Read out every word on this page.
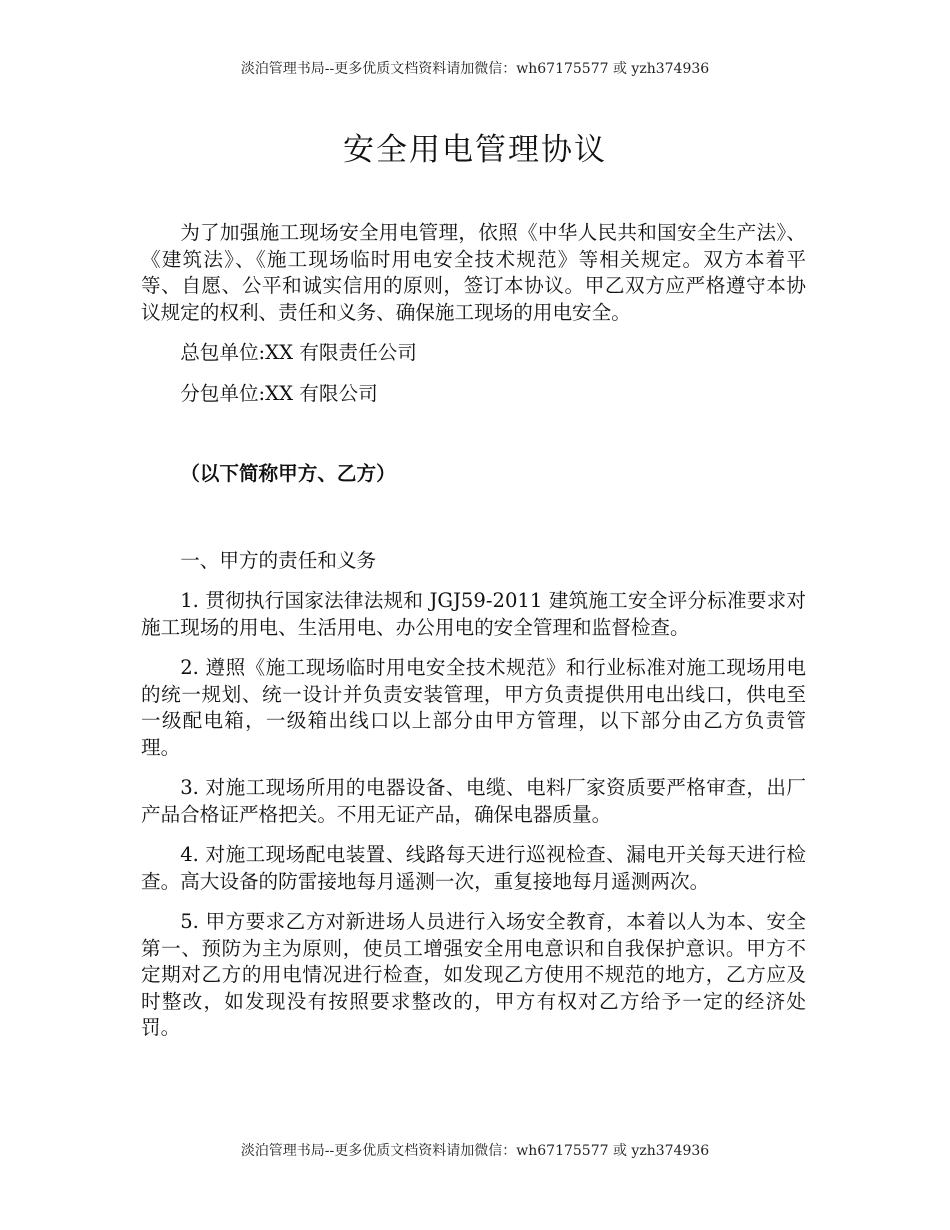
淡泊管理书局--更多优质文档资料请加微信：wh67175577 或 yzh374936
安全用电管理协议

为了加强施工现场安全用电管理，依照《中华人民共和国安全生产法》、《建筑法》、《施工现场临时用电安全技术规范》等相关规定。双方本着平等、自愿、公平和诚实信用的原则，签订本协议。甲乙双方应严格遵守本协议规定的权利、责任和义务、确保施工现场的用电安全。

总包单位:XX 有限责任公司

分包单位:XX 有限公司

（以下简称甲方、乙方）

一、甲方的责任和义务

1. 贯彻执行国家法律法规和 JGJ59-2011 建筑施工安全评分标准要求对施工现场的用电、生活用电、办公用电的安全管理和监督检查。

2. 遵照《施工现场临时用电安全技术规范》和行业标准对施工现场用电的统一规划、统一设计并负责安装管理，甲方负责提供用电出线口，供电至一级配电箱，一级箱出线口以上部分由甲方管理，以下部分由乙方负责管理。

3. 对施工现场所用的电器设备、电缆、电料厂家资质要严格审查，出厂产品合格证严格把关。不用无证产品，确保电器质量。

4. 对施工现场配电装置、线路每天进行巡视检查、漏电开关每天进行检查。高大设备的防雷接地每月遥测一次，重复接地每月遥测两次。

5. 甲方要求乙方对新进场人员进行入场安全教育，本着以人为本、安全第一、预防为主为原则，使员工增强安全用电意识和自我保护意识。甲方不定期对乙方的用电情况进行检查，如发现乙方使用不规范的地方，乙方应及时整改，如发现没有按照要求整改的，甲方有权对乙方给予一定的经济处罚。

淡泊管理书局--更多优质文档资料请加微信：wh67175577 或 yzh374936
